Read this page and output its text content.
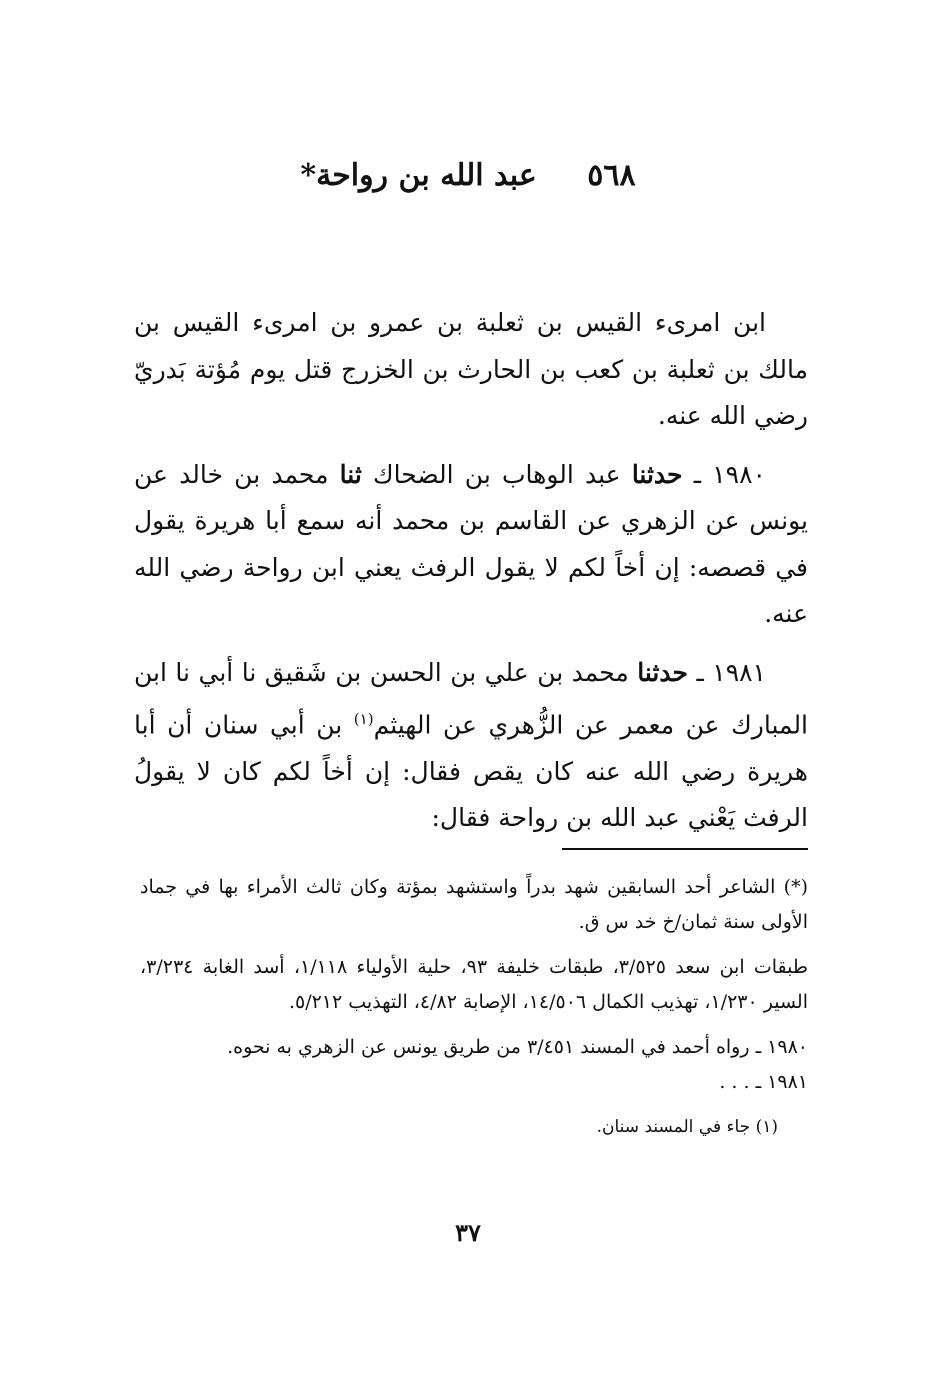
٥٦٨ عبد الله بن رواحة*

ابن امرىء القيس بن ثعلبة بن عمرو بن امرىء القيس بن مالك بن ثعلبة بن كعب بن الحارث بن الخزرج قتل يوم مُؤتة بَدريّ رضي الله عنه.

١٩٨٠ ـ حدثنا عبد الوهاب بن الضحاك ثنا محمد بن خالد عن يونس عن الزهري عن القاسم بن محمد أنه سمع أبا هريرة يقول في قصصه: إن أخاً لكم لا يقول الرفث يعني ابن رواحة رضي الله عنه.

١٩٨١ ـ حدثنا محمد بن علي بن الحسن بن شَقيق نا أبي نا ابن المبارك عن معمر عن الزُّهري عن الهيثم$^{(١)}$ بن أبي سنان أن أبا هريرة رضي الله عنه كان يقص فقال: إن أخاً لكم كان لا يقولُ الرفث يَعْني عبد الله بن رواحة فقال:

(*) الشاعر أحد السابقين شهد بدراً واستشهد بمؤتة وكان ثالث الأمراء بها في جماد الأولى سنة ثمان/خ خد س ق.

طبقات ابن سعد ٣/٥٢٥، طبقات خليفة ٩٣، حلية الأولياء ١/١١٨، أسد الغابة ٣/٢٣٤، السير ١/٢٣٠، تهذيب الكمال ١٤/٥٠٦، الإصابة ٤/٨٢، التهذيب ٥/٢١٢.

١٩٨٠ ـ رواه أحمد في المسند ٣/٤٥١ من طريق يونس عن الزهري به نحوه.

١٩٨١ ـ . . .

(١) جاء في المسند سنان.

٣٧
